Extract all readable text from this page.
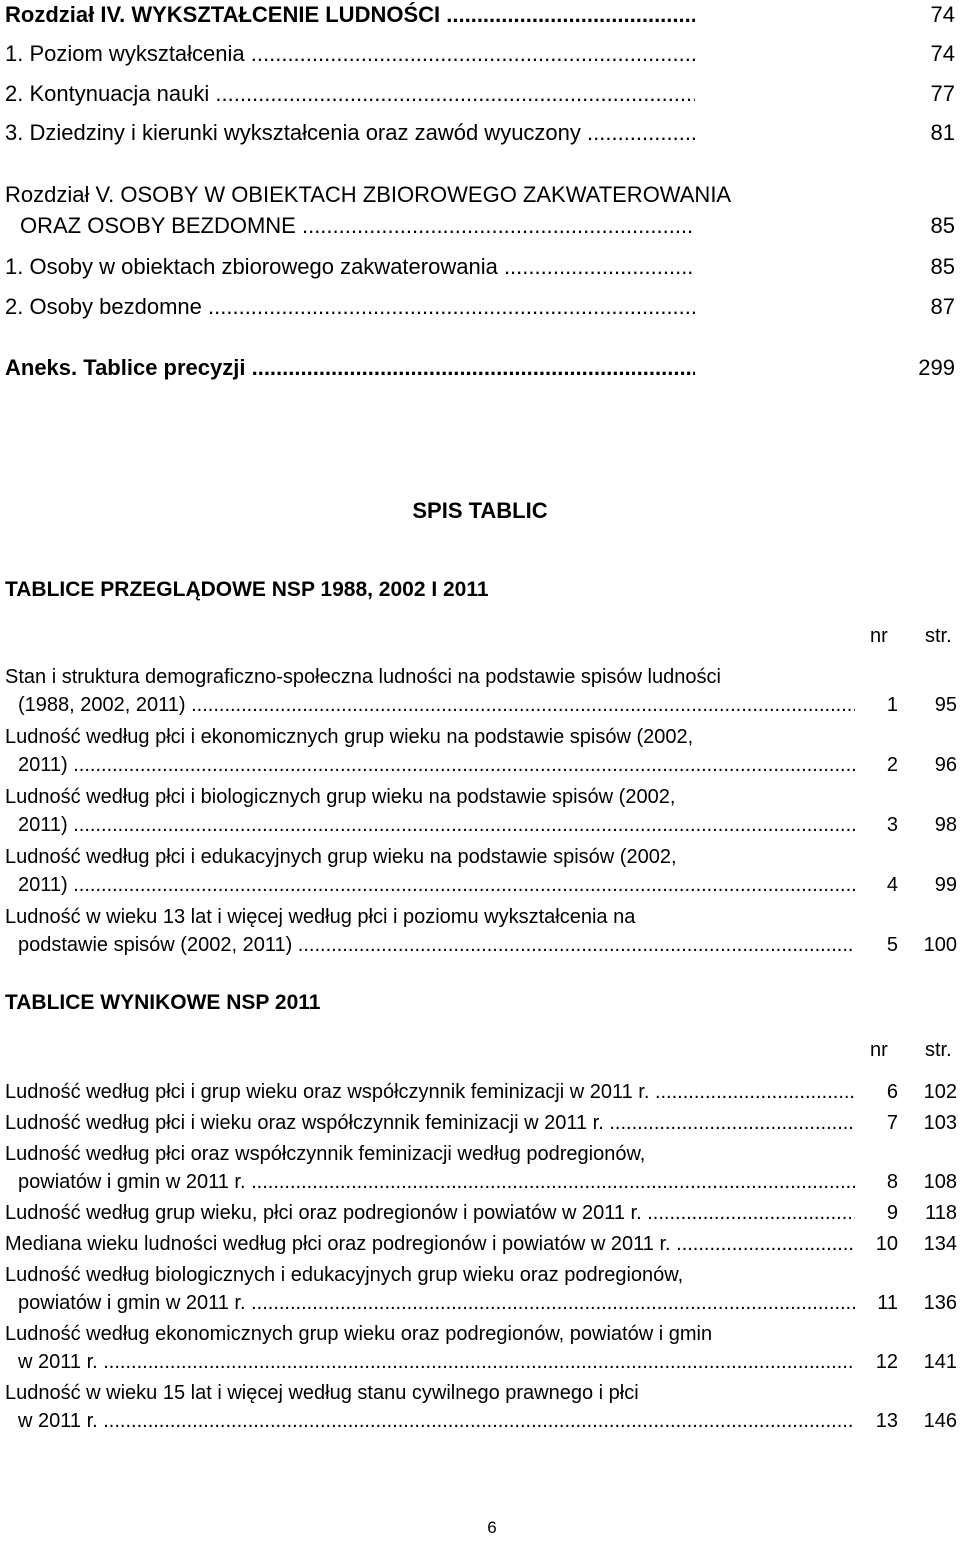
Rozdział IV. WYKSZTAŁCENIE LUDNOŚCI .....	74
1. Poziom wykształcenia .....	74
2. Kontynuacja nauki .....	77
3. Dziedziny i kierunki wykształcenia oraz zawód wyuczony .....	81
Rozdział V. OSOBY W OBIEKTACH ZBIOROWEGO ZAKWATEROWANIA
ORAZ OSOBY BEZDOMNE .....	85
1. Osoby w obiektach zbiorowego zakwaterowania .....	85
2. Osoby bezdomne .....	87
Aneks. Tablice precyzji .....	299
SPIS TABLIC
TABLICE PRZEGLĄDOWE NSP 1988, 2002 I 2011
nr str.
Stan i struktura demograficzno-społeczna ludności na podstawie spisów ludności
(1988, 2002, 2011) .....	1	95
Ludność według płci i ekonomicznych grup wieku na podstawie spisów (2002,
2011) .....	2	96
Ludność według płci i biologicznych grup wieku na podstawie spisów (2002,
2011) .....	3	98
Ludność według płci i edukacyjnych grup wieku na podstawie spisów (2002,
2011) .....	4	99
Ludność w wieku 13 lat i więcej według płci i poziomu wykształcenia na
podstawie spisów (2002, 2011) .....	5	100
TABLICE WYNIKOWE NSP 2011
nr str.
Ludność według płci i grup wieku oraz współczynnik feminizacji w 2011 r. .....	6	102
Ludność według płci i wieku oraz współczynnik feminizacji w 2011 r. .....	7	103
Ludność według płci oraz współczynnik feminizacji według podregionów,
powiatów i gmin w 2011 r. .....	8	108
Ludność według grup wieku, płci oraz podregionów i powiatów w 2011 r. .....	9	118
Mediana wieku ludności według płci oraz podregionów i powiatów w 2011 r. .....	10	134
Ludność według biologicznych i edukacyjnych grup wieku oraz podregionów,
powiatów i gmin w 2011 r. .....	11	136
Ludność według ekonomicznych grup wieku oraz podregionów, powiatów i gmin
w 2011 r. .....	12	141
Ludność w wieku 15 lat i więcej według stanu cywilnego prawnego i płci
w 2011 r. .....	13	146
6
